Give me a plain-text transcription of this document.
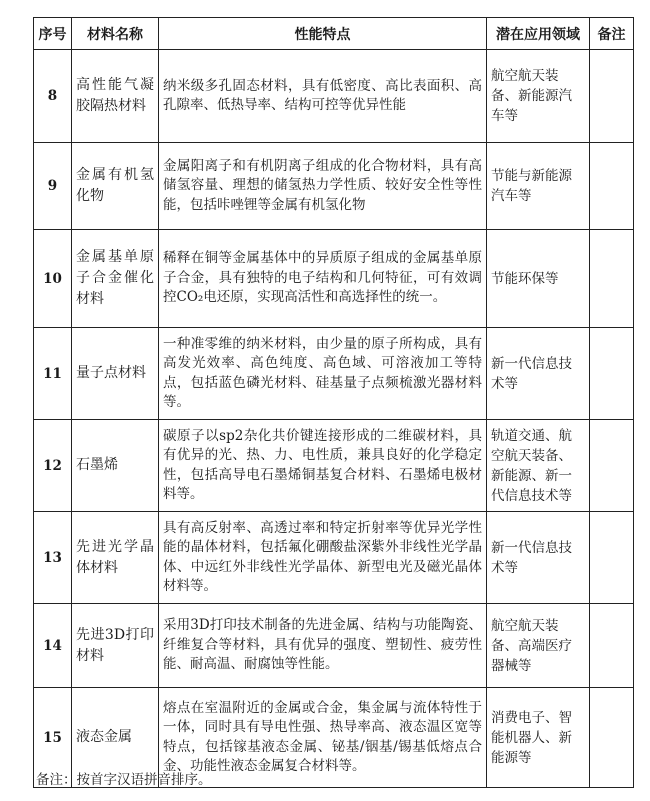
序号	材料名称	性能特点	潜在应用领域	备注
8	高性能气凝胶隔热材料	纳米级多孔固态材料，具有低密度、高比表面积、高孔隙率、低热导率、结构可控等优异性能	航空航天装备、新能源汽车等	
9	金属有机氢化物	金属阳离子和有机阴离子组成的化合物材料，具有高储氢容量、理想的储氢热力学性质、较好安全性等性能，包括咔唑锂等金属有机氢化物	节能与新能源汽车等	
10	金属基单原子合金催化材料	稀释在铜等金属基体中的异质原子组成的金属基单原子合金，具有独特的电子结构和几何特征，可有效调控CO₂电还原，实现高活性和高选择性的统一。	节能环保等	
11	量子点材料	一种准零维的纳米材料，由少量的原子所构成，具有高发光效率、高色纯度、高色域、可溶液加工等特点，包括蓝色磷光材料、硅基量子点频梳激光器材料等。	新一代信息技术等	
12	石墨烯	碳原子以sp2杂化共价键连接形成的二维碳材料，具有优异的光、热、力、电性质，兼具良好的化学稳定性，包括高导电石墨烯铜基复合材料、石墨烯电极材料等。	轨道交通、航空航天装备、新能源、新一代信息技术等	
13	先进光学晶体材料	具有高反射率、高透过率和特定折射率等优异光学性能的晶体材料，包括氟化硼酸盐深紫外非线性光学晶体、中远红外非线性光学晶体、新型电光及磁光晶体材料等。	新一代信息技术等	
14	先进3D打印材料	采用3D打印技术制备的先进金属、结构与功能陶瓷、纤维复合等材料，具有优异的强度、塑韧性、疲劳性能、耐高温、耐腐蚀等性能。	航空航天装备、高端医疗器械等	
15	液态金属	熔点在室温附近的金属或合金，集金属与流体特性于一体，同时具有导电性强、热导率高、液态温区宽等特点，包括镓基液态金属、铋基/铟基/锡基低熔点合金、功能性液态金属复合材料等。	消费电子、智能机器人、新能源等	
备注：按首字汉语拼音排序。
